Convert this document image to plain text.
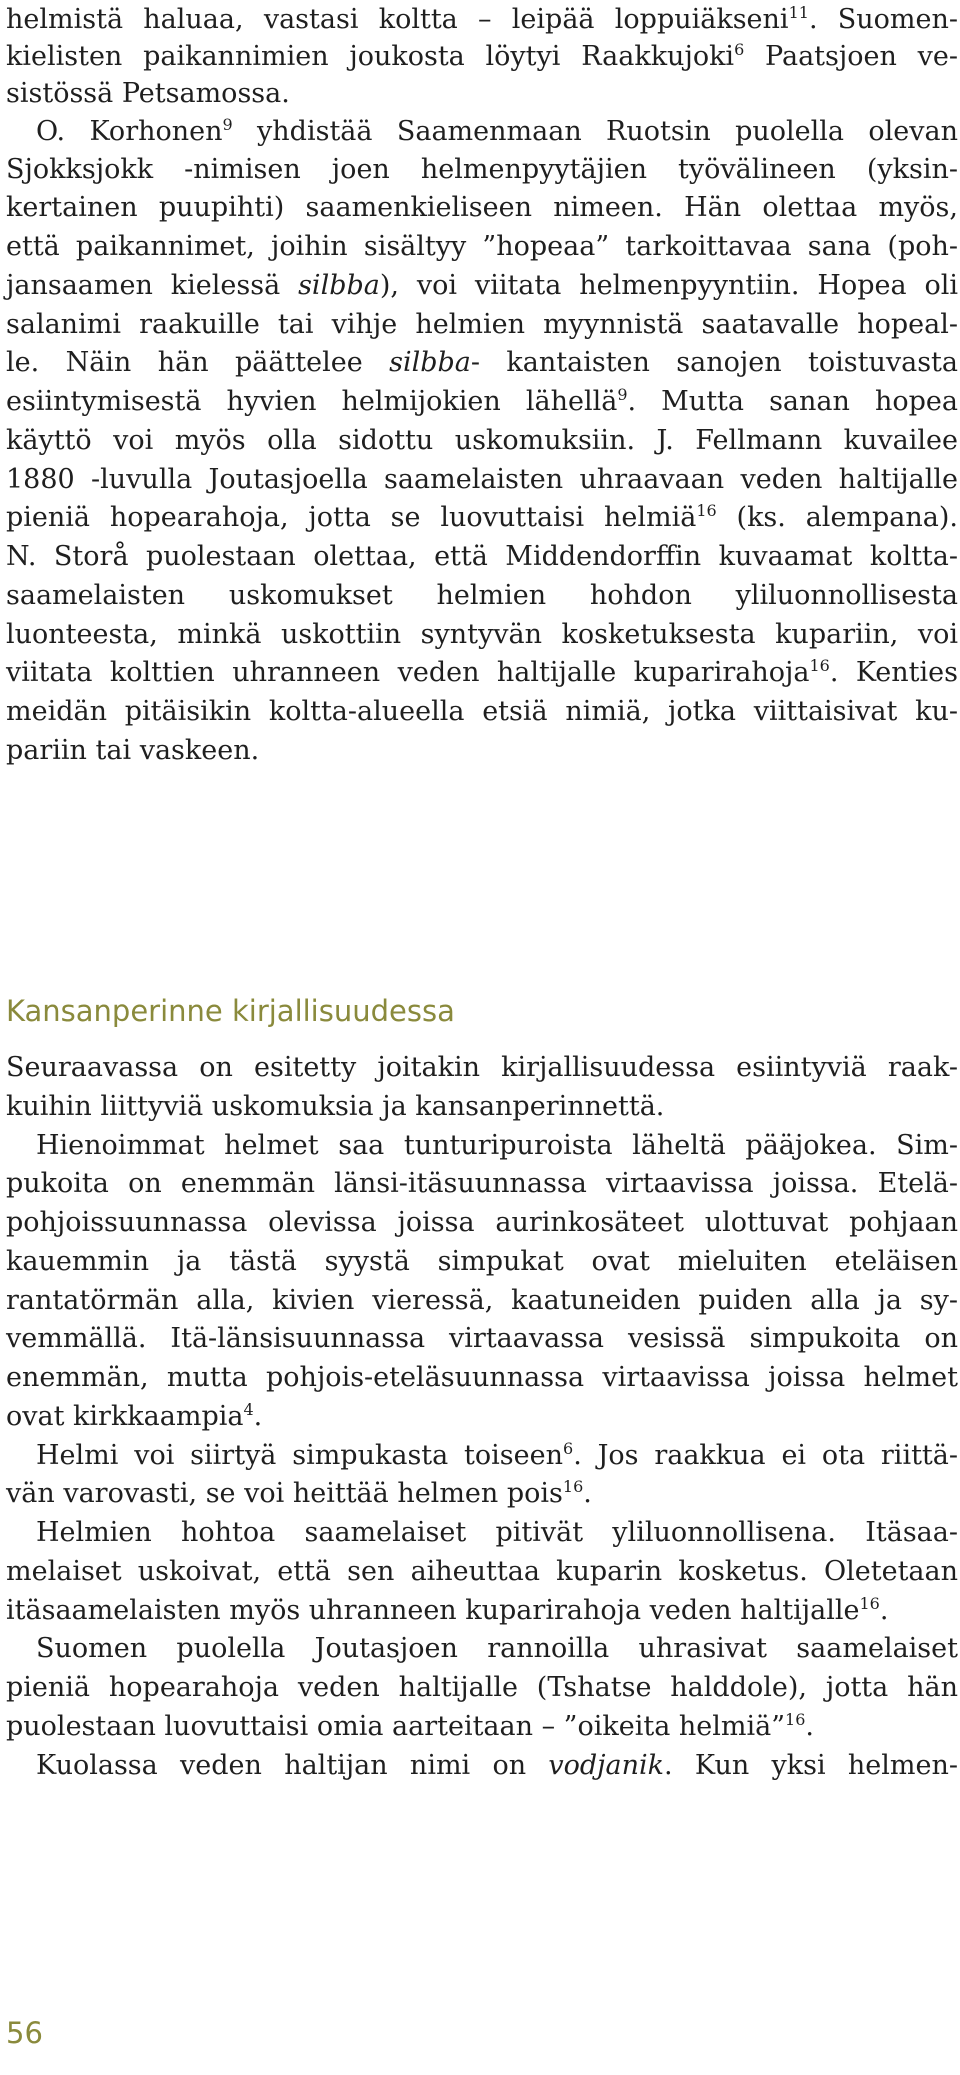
helmistä haluaa, vastasi koltta – leipää loppuiäkseni$^{11}$. Suomen-
kielisten paikannimien joukosta löytyi Raakkujoki$^6$ Paatsjoen ve-
sistössä Petsamossa.
O. Korhonen$^9$ yhdistää Saamenmaan Ruotsin puolella olevan
Sjokksjokk -nimisen joen helmenpyytäjien työvälineen (yksin-
kertainen puupihti) saamenkieliseen nimeen. Hän olettaa myös,
että paikannimet, joihin sisältyy ”hopeaa” tarkoittavaa sana (poh-
jansaamen kielessä silbba), voi viitata helmenpyyntiin. Hopea oli
salanimi raakuille tai vihje helmien myynnistä saatavalle hopeal-
le. Näin hän päättelee silbba- kantaisten sanojen toistuvasta
esiintymisestä hyvien helmijokien lähellä$^9$. Mutta sanan hopea
käyttö voi myös olla sidottu uskomuksiin. J. Fellmann kuvailee
1880 -luvulla Joutasjoella saamelaisten uhraavaan veden haltijalle
pieniä hopearahoja, jotta se luovuttaisi helmiä$^{16}$ (ks. alempana).
N. Storå puolestaan olettaa, että Middendorffin kuvaamat koltta-
saamelaisten uskomukset helmien hohdon yliluonnollisesta
luonteesta, minkä uskottiin syntyvän kosketuksesta kupariin, voi
viitata kolttien uhranneen veden haltijalle kuparirahoja$^{16}$. Kenties
meidän pitäisikin koltta-alueella etsiä nimiä, jotka viittaisivat ku-
pariin tai vaskeen.
Kansanperinne kirjallisuudessa
Seuraavassa on esitetty joitakin kirjallisuudessa esiintyviä raak-
kuihin liittyviä uskomuksia ja kansanperinnettä.
Hienoimmat helmet saa tunturipuroista läheltä pääjokea. Sim-
pukoita on enemmän länsi-itäsuunnassa virtaavissa joissa. Etelä-
pohjoissuunnassa olevissa joissa aurinkosäteet ulottuvat pohjaan
kauemmin ja tästä syystä simpukat ovat mieluiten eteläisen
rantatörmän alla, kivien vieressä, kaatuneiden puiden alla ja sy-
vemmällä. Itä-länsisuunnassa virtaavassa vesissä simpukoita on
enemmän, mutta pohjois-eteläsuunnassa virtaavissa joissa helmet
ovat kirkkaampia$^4$.
Helmi voi siirtyä simpukasta toiseen$^6$. Jos raakkua ei ota riittä-
vän varovasti, se voi heittää helmen pois$^{16}$.
Helmien hohtoa saamelaiset pitivät yliluonnollisena. Itäsaa-
melaiset uskoivat, että sen aiheuttaa kuparin kosketus. Oletetaan
itäsaamelaisten myös uhranneen kuparirahoja veden haltijalle$^{16}$.
Suomen puolella Joutasjoen rannoilla uhrasivat saamelaiset
pieniä hopearahoja veden haltijalle (Tshatse halddole), jotta hän
puolestaan luovuttaisi omia aarteitaan – ”oikeita helmiä”$^{16}$.
Kuolassa veden haltijan nimi on vodjanik. Kun yksi helmen-
56
